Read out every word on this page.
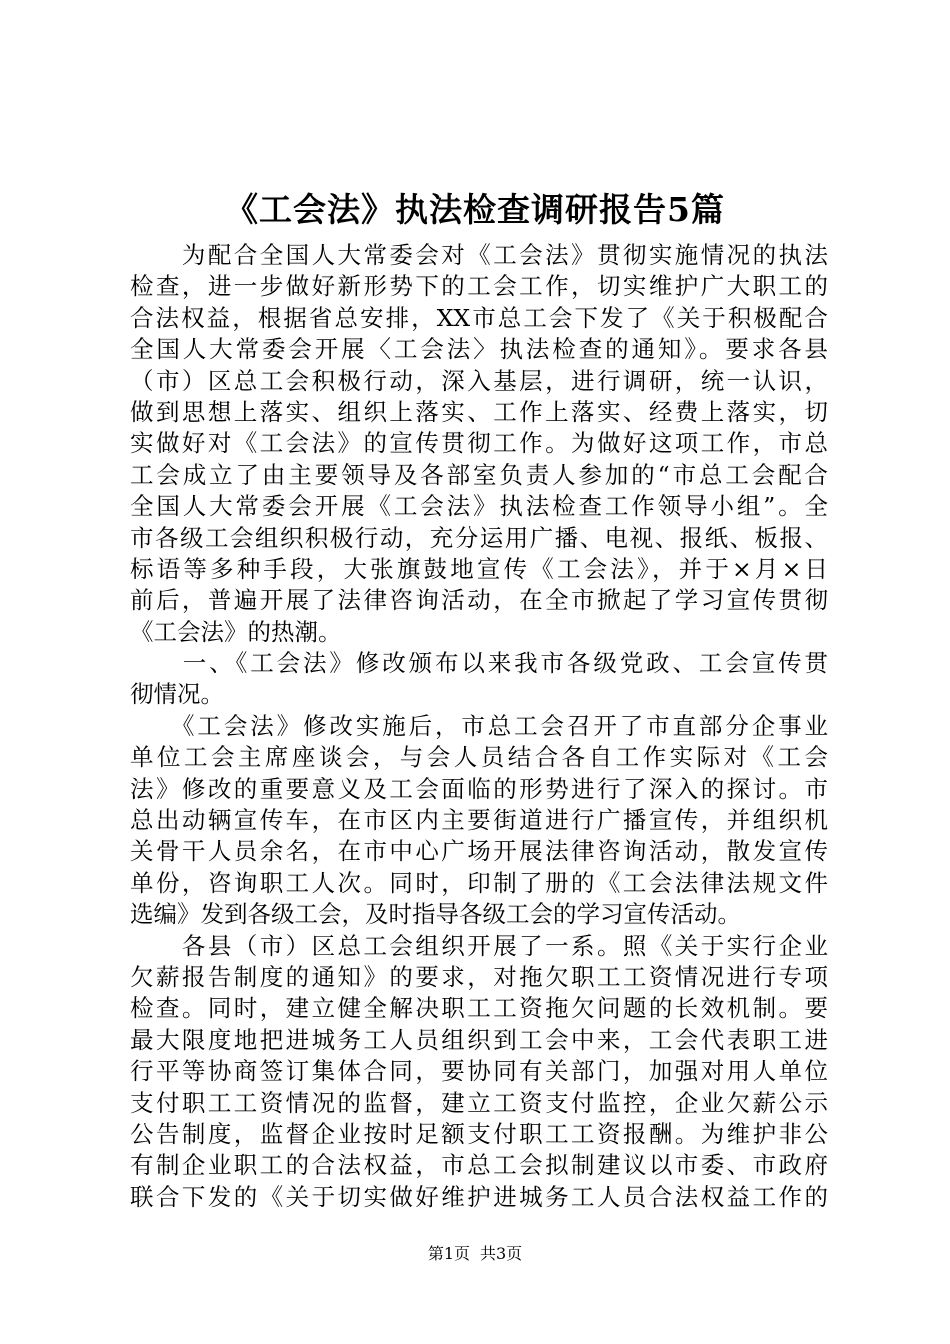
《工会法》执法检查调研报告5篇
　　为配合全国人大常委会对《工会法》贯彻实施情况的执法
检查，进一步做好新形势下的工会工作，切实维护广大职工的
合法权益，根据省总安排，XX市总工会下发了《关于积极配合
全国人大常委会开展〈工会法〉执法检查的通知》。要求各县
（市）区总工会积极行动，深入基层，进行调研，统一认识，
做到思想上落实、组织上落实、工作上落实、经费上落实，切
实做好对《工会法》的宣传贯彻工作。为做好这项工作，市总
工会成立了由主要领导及各部室负责人参加的“市总工会配合
全国人大常委会开展《工会法》执法检查工作领导小组”。全
市各级工会组织积极行动，充分运用广播、电视、报纸、板报、
标语等多种手段，大张旗鼓地宣传《工会法》，并于×月×日
前后，普遍开展了法律咨询活动，在全市掀起了学习宣传贯彻
《工会法》的热潮。
　　一、《工会法》修改颁布以来我市各级党政、工会宣传贯
彻情况。
　　《工会法》修改实施后，市总工会召开了市直部分企事业
单位工会主席座谈会，与会人员结合各自工作实际对《工会
法》修改的重要意义及工会面临的形势进行了深入的探讨。市
总出动辆宣传车，在市区内主要街道进行广播宣传，并组织机
关骨干人员余名，在市中心广场开展法律咨询活动，散发宣传
单份，咨询职工人次。同时，印制了册的《工会法律法规文件
选编》发到各级工会，及时指导各级工会的学习宣传活动。
　　各县（市）区总工会组织开展了一系。照《关于实行企业
欠薪报告制度的通知》的要求，对拖欠职工工资情况进行专项
检查。同时，建立健全解决职工工资拖欠问题的长效机制。要
最大限度地把进城务工人员组织到工会中来，工会代表职工进
行平等协商签订集体合同，要协同有关部门，加强对用人单位
支付职工工资情况的监督，建立工资支付监控，企业欠薪公示
公告制度，监督企业按时足额支付职工工资报酬。为维护非公
有制企业职工的合法权益，市总工会拟制建议以市委、市政府
联合下发的《关于切实做好维护进城务工人员合法权益工作的
第1页 共3页
